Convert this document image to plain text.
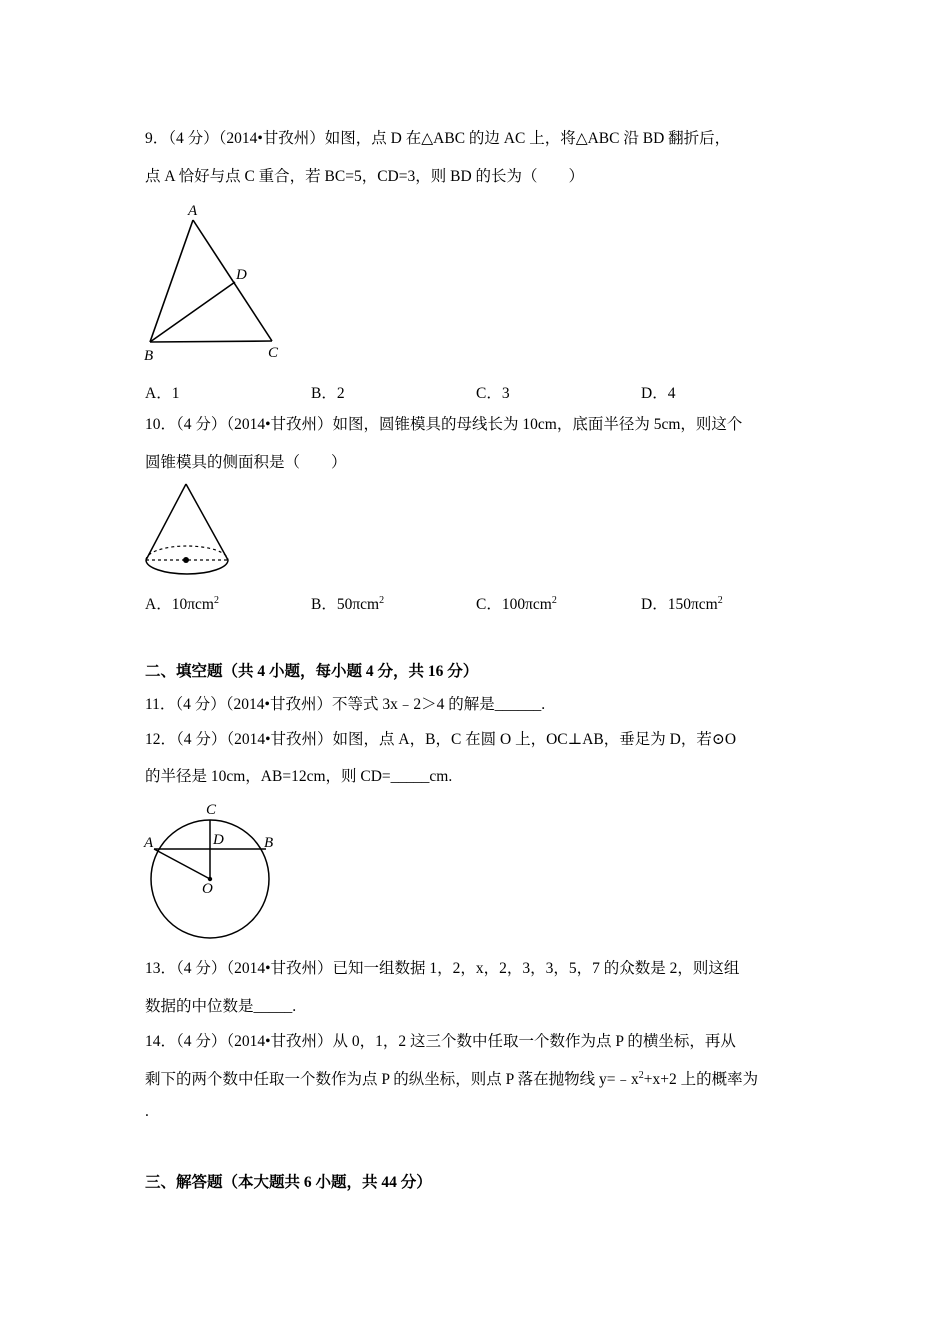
9．（4 分）（2014•甘孜州）如图，点 D 在△ABC 的边 AC 上，将△ABC 沿 BD 翻折后，
点 A 恰好与点 C 重合，若 BC=5，CD=3，则 BD 的长为（　　）
A
D
B	C
A．1	B．2	C．3	D．4
10．（4 分）（2014•甘孜州）如图，圆锥模具的母线长为 10cm，底面半径为 5cm，则这个
圆锥模具的侧面积是（　　）
A．10πcm$^2$	B．50πcm$^2$	C．100πcm$^2$	D．150πcm$^2$
二、填空题（共 4 小题，每小题 4 分，共 16 分）
11．（4 分）（2014•甘孜州）不等式 3x﹣2＞4 的解是______.
12．（4 分）（2014•甘孜州）如图，点 A，B，C 在圆 O 上，OC⊥AB，垂足为 D，若⊙O
的半径是 10cm，AB=12cm，则 CD=_____cm.
C
D
A	B
O
13．（4 分）（2014•甘孜州）已知一组数据 1，2，x，2，3，3，5，7 的众数是 2，则这组
数据的中位数是_____.
14．（4 分）（2014•甘孜州）从 0，1，2 这三个数中任取一个数作为点 P 的横坐标，再从
剩下的两个数中任取一个数作为点 P 的纵坐标，则点 P 落在抛物线 $y=﹣x^2+x+2$ 上的概率为
.
三、解答题（本大题共 6 小题，共 44 分）
